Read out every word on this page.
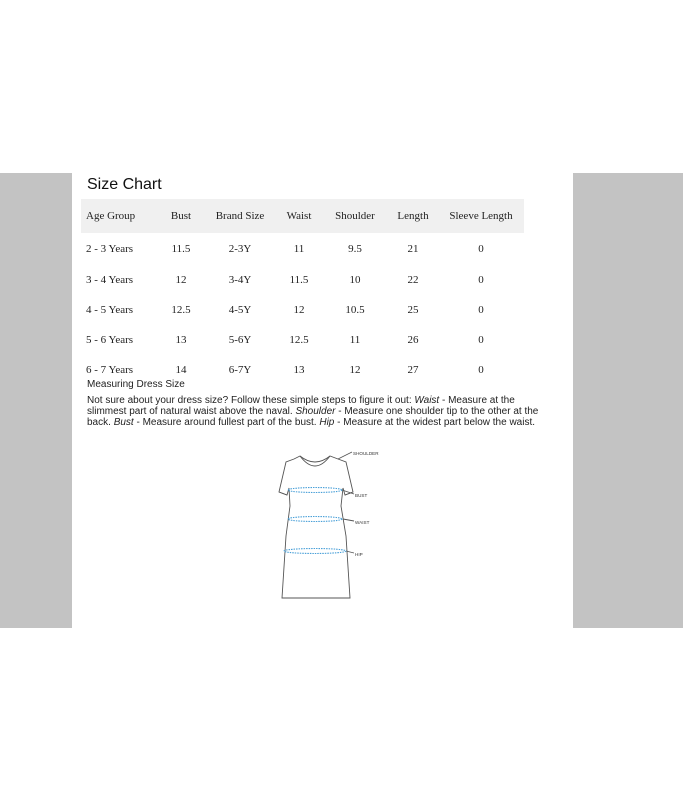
Size Chart
Age Group	Bust	Brand Size	Waist	Shoulder	Length	Sleeve Length
2 - 3 Years	11.5	2-3Y	11	9.5	21	0
3 - 4 Years	12	3-4Y	11.5	10	22	0
4 - 5 Years	12.5	4-5Y	12	10.5	25	0
5 - 6 Years	13	5-6Y	12.5	11	26	0
6 - 7 Years	14	6-7Y	13	12	27	0
Measuring Dress Size
Not sure about your dress size? Follow these simple steps to figure it out: Waist - Measure at the slimmest part of natural waist above the naval. Shoulder - Measure one shoulder tip to the other at the back. Bust - Measure around fullest part of the bust. Hip - Measure at the widest part below the waist.
SHOULDER
BUST
WAIST
HIP
